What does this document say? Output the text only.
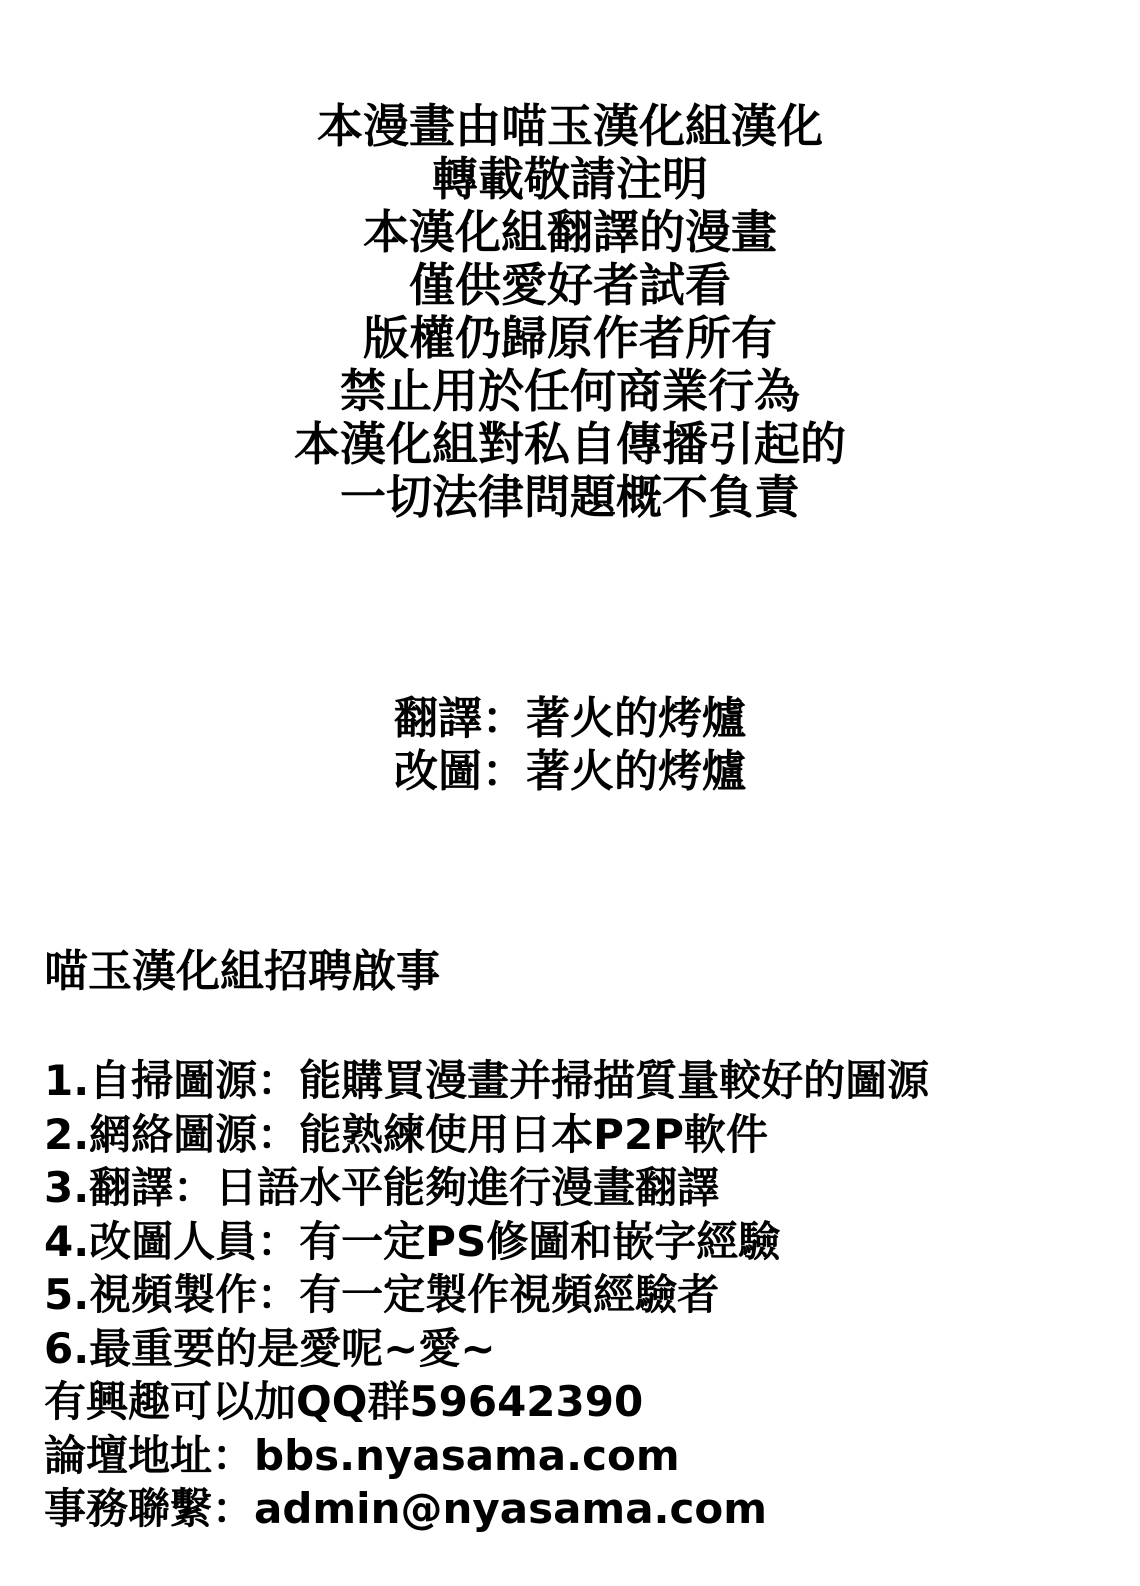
本漫畫由喵玉漢化組漢化
轉載敬請注明
本漢化組翻譯的漫畫
僅供愛好者試看
版權仍歸原作者所有
禁止用於任何商業行為
本漢化組對私自傳播引起的
一切法律問題概不負責
翻譯：著火的烤爐
改圖：著火的烤爐
喵玉漢化組招聘啟事
1.自掃圖源：能購買漫畫并掃描質量較好的圖源
2.網絡圖源：能熟練使用日本P2P軟件
3.翻譯：日語水平能夠進行漫畫翻譯
4.改圖人員：有一定PS修圖和嵌字經驗
5.視頻製作：有一定製作視頻經驗者
6.最重要的是愛呢~愛~
有興趣可以加QQ群59642390
論壇地址：bbs.nyasama.com
事務聯繫：admin@nyasama.com
